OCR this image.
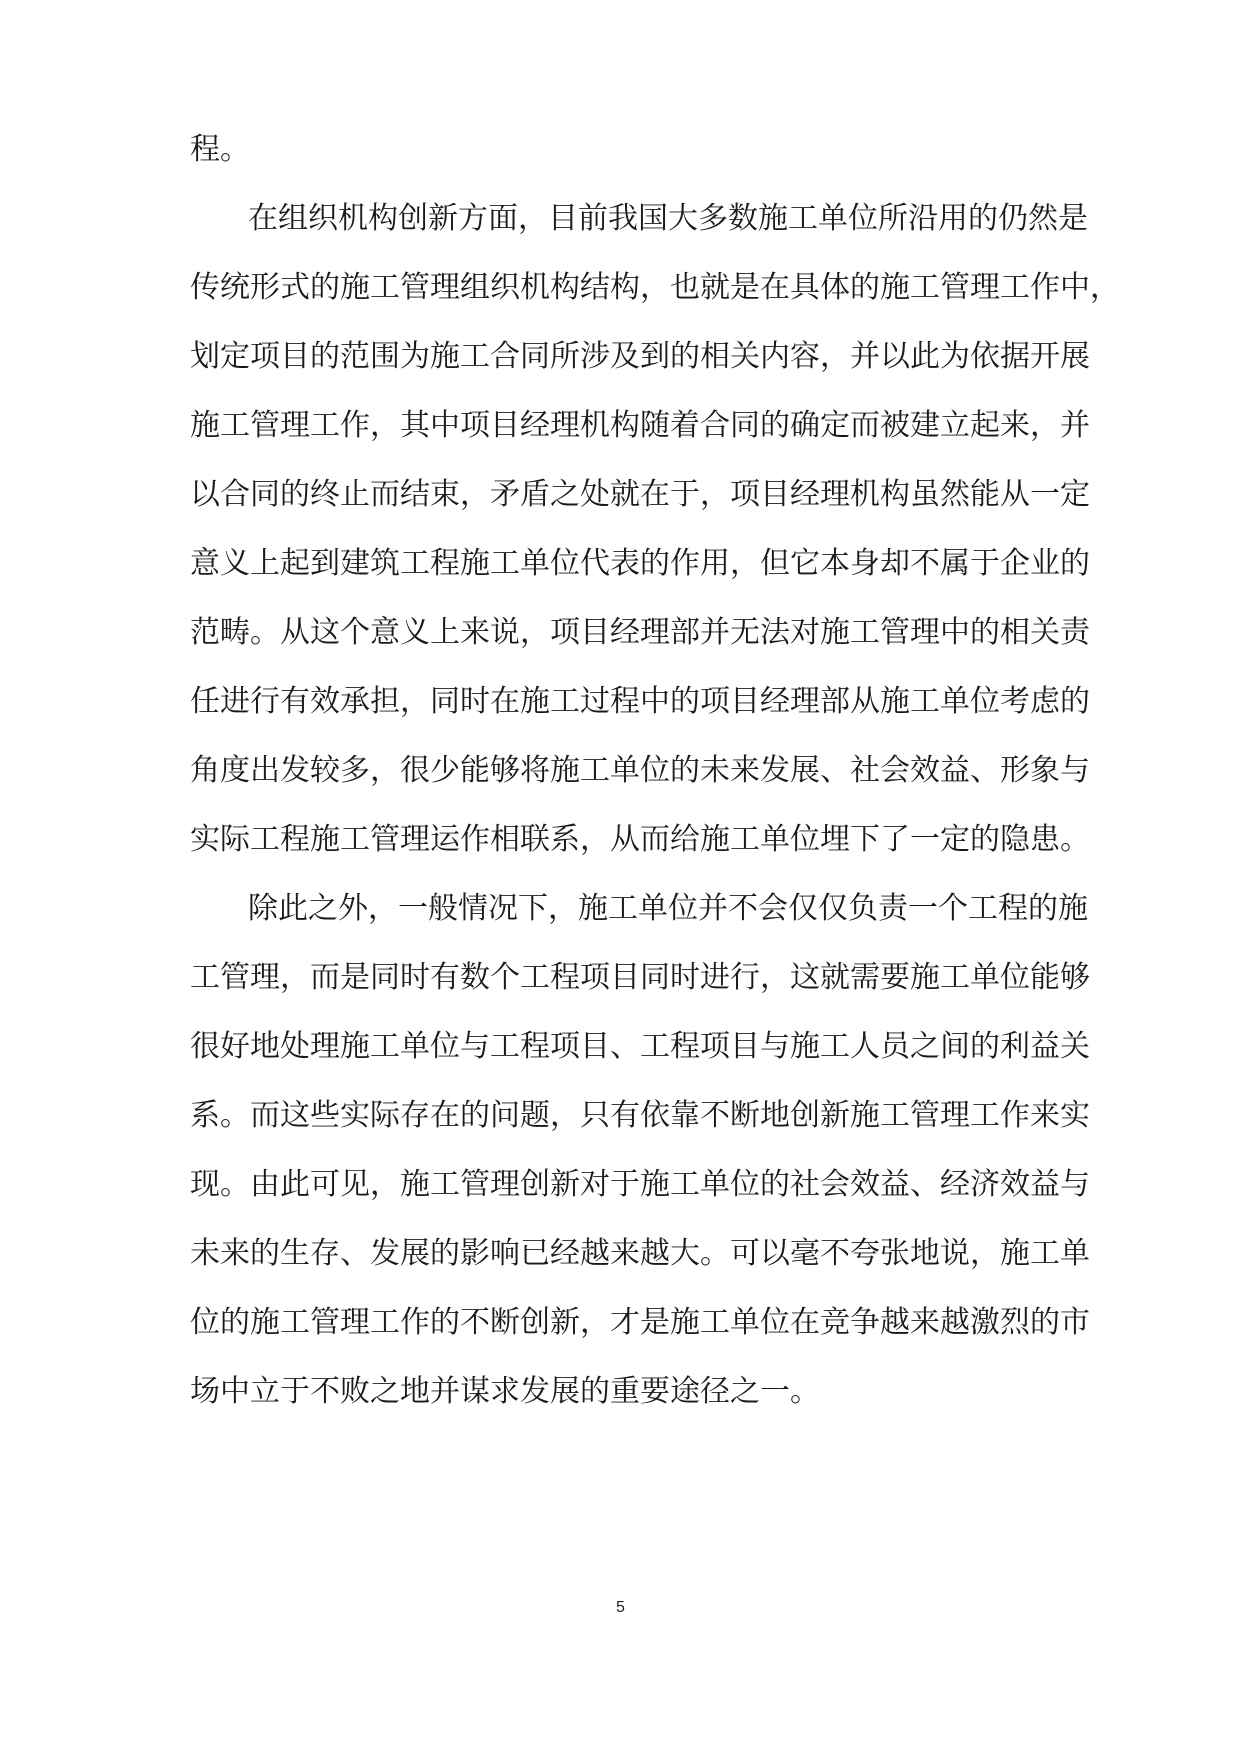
程。
在组织机构创新方面，目前我国大多数施工单位所沿用的仍然是
传统形式的施工管理组织机构结构，也就是在具体的施工管理工作中，
划定项目的范围为施工合同所涉及到的相关内容，并以此为依据开展
施工管理工作，其中项目经理机构随着合同的确定而被建立起来，并
以合同的终止而结束，矛盾之处就在于，项目经理机构虽然能从一定
意义上起到建筑工程施工单位代表的作用，但它本身却不属于企业的
范畴。从这个意义上来说，项目经理部并无法对施工管理中的相关责
任进行有效承担，同时在施工过程中的项目经理部从施工单位考虑的
角度出发较多，很少能够将施工单位的未来发展、社会效益、形象与
实际工程施工管理运作相联系，从而给施工单位埋下了一定的隐患。
除此之外，一般情况下，施工单位并不会仅仅负责一个工程的施
工管理，而是同时有数个工程项目同时进行，这就需要施工单位能够
很好地处理施工单位与工程项目、工程项目与施工人员之间的利益关
系。而这些实际存在的问题，只有依靠不断地创新施工管理工作来实
现。由此可见，施工管理创新对于施工单位的社会效益、经济效益与
未来的生存、发展的影响已经越来越大。可以毫不夸张地说，施工单
位的施工管理工作的不断创新，才是施工单位在竞争越来越激烈的市
场中立于不败之地并谋求发展的重要途径之一。
5
